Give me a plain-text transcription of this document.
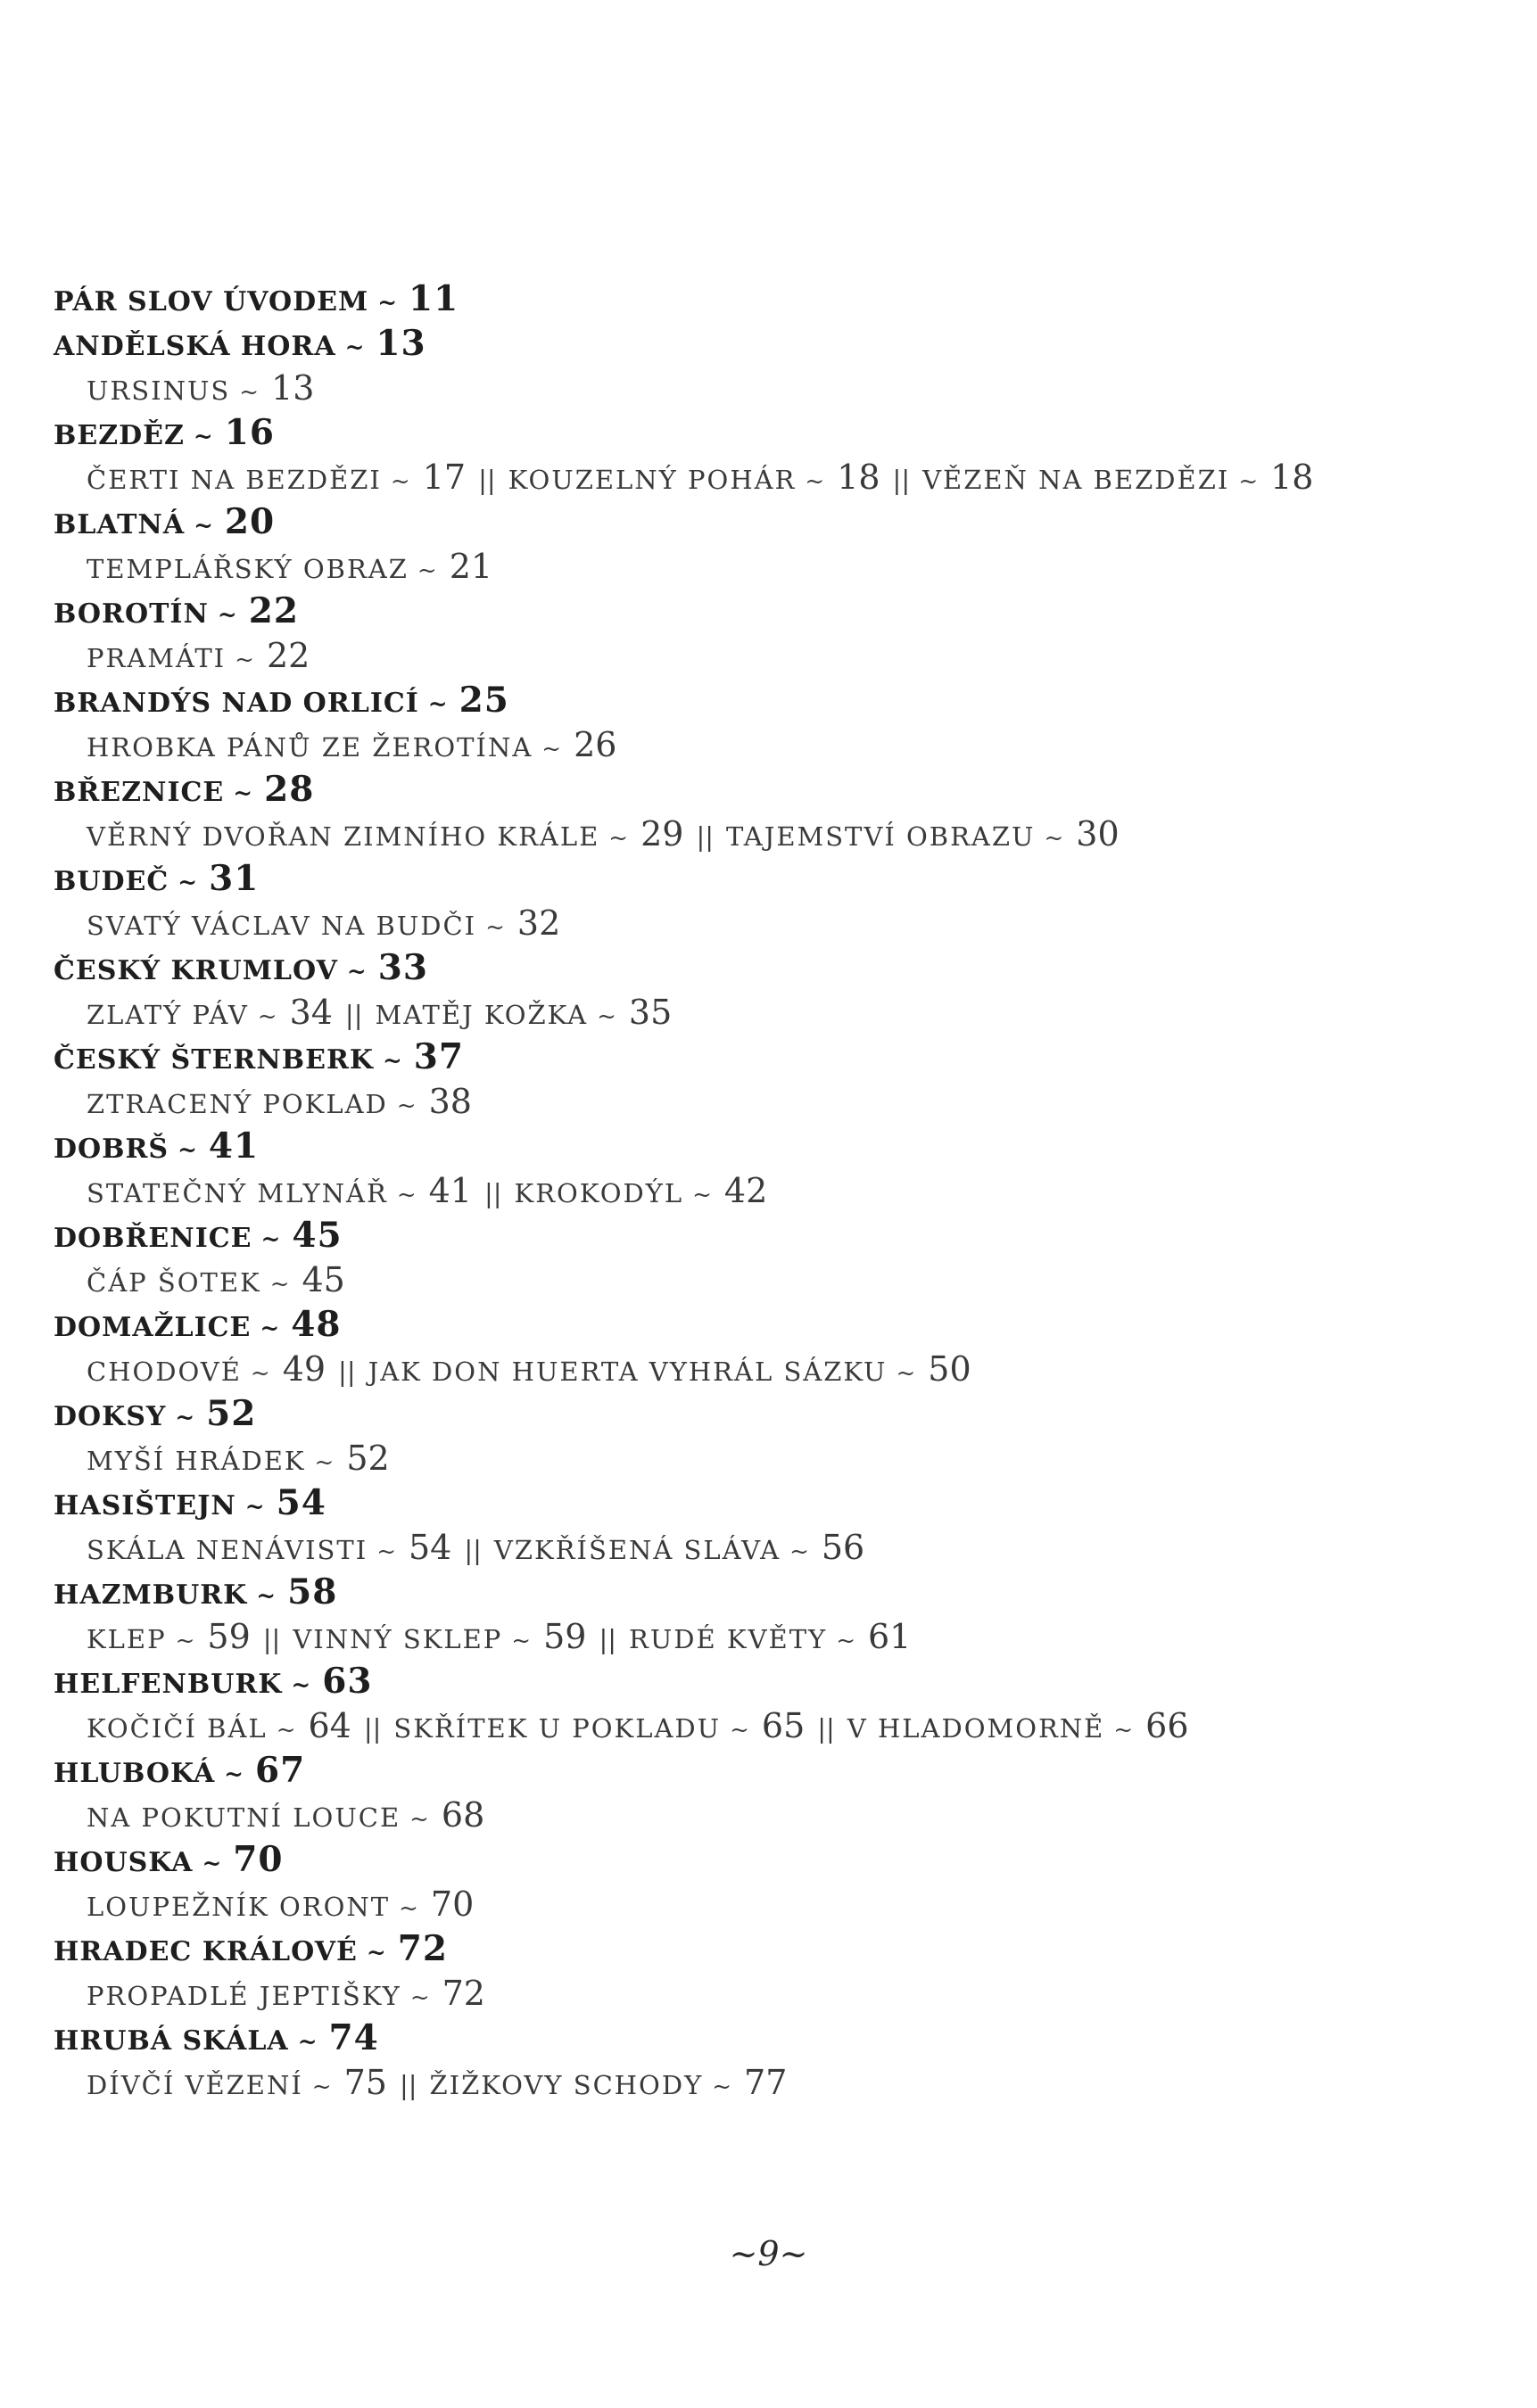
PÁR SLOV ÚVODEM ~ 11
ANDĚLSKÁ HORA ~ 13
URSINUS ~ 13
BEZDĚZ ~ 16
ČERTI NA BEZDĚZI ~ 17 || KOUZELNÝ POHÁR ~ 18 || VĚZEŇ NA BEZDĚZI ~ 18
BLATNÁ ~ 20
TEMPLÁŘSKÝ OBRAZ ~ 21
BOROTÍN ~ 22
PRAMÁTI ~ 22
BRANDÝS NAD ORLICÍ ~ 25
HROBKA PÁNŮ ZE ŽEROTÍNA ~ 26
BŘEZNICE ~ 28
VĚRNÝ DVOŘAN ZIMNÍHO KRÁLE ~ 29 || TAJEMSTVÍ OBRAZU ~ 30
BUDEČ ~ 31
SVATÝ VÁCLAV NA BUDČI ~ 32
ČESKÝ KRUMLOV ~ 33
ZLATÝ PÁV ~ 34 || MATĚJ KOŽKA ~ 35
ČESKÝ ŠTERNBERK ~ 37
ZTRACENÝ POKLAD ~ 38
DOBRŠ ~ 41
STATEČNÝ MLYNÁŘ ~ 41 || KROKODÝL ~ 42
DOBŘENICE ~ 45
ČÁP ŠOTEK ~ 45
DOMAŽLICE ~ 48
CHODOVÉ ~ 49 || JAK DON HUERTA VYHRÁL SÁZKU ~ 50
DOKSY ~ 52
MYŠÍ HRÁDEK ~ 52
HASIŠTEJN ~ 54
SKÁLA NENÁVISTI ~ 54 || VZKŘÍŠENÁ SLÁVA ~ 56
HAZMBURK ~ 58
KLEP ~ 59 || VINNÝ SKLEP ~ 59 || RUDÉ KVĚTY ~ 61
HELFENBURK ~ 63
KOČIČÍ BÁL ~ 64 || SKŘÍTEK U POKLADU ~ 65 || V HLADOMORNĚ ~ 66
HLUBOKÁ ~ 67
NA POKUTNÍ LOUCE ~ 68
HOUSKA ~ 70
LOUPEŽNÍK ORONT ~ 70
HRADEC KRÁLOVÉ ~ 72
PROPADLÉ JEPTIŠKY ~ 72
HRUBÁ SKÁLA ~ 74
DÍVČÍ VĚZENÍ ~ 75 || ŽIŽKOVY SCHODY ~ 77
~9~
